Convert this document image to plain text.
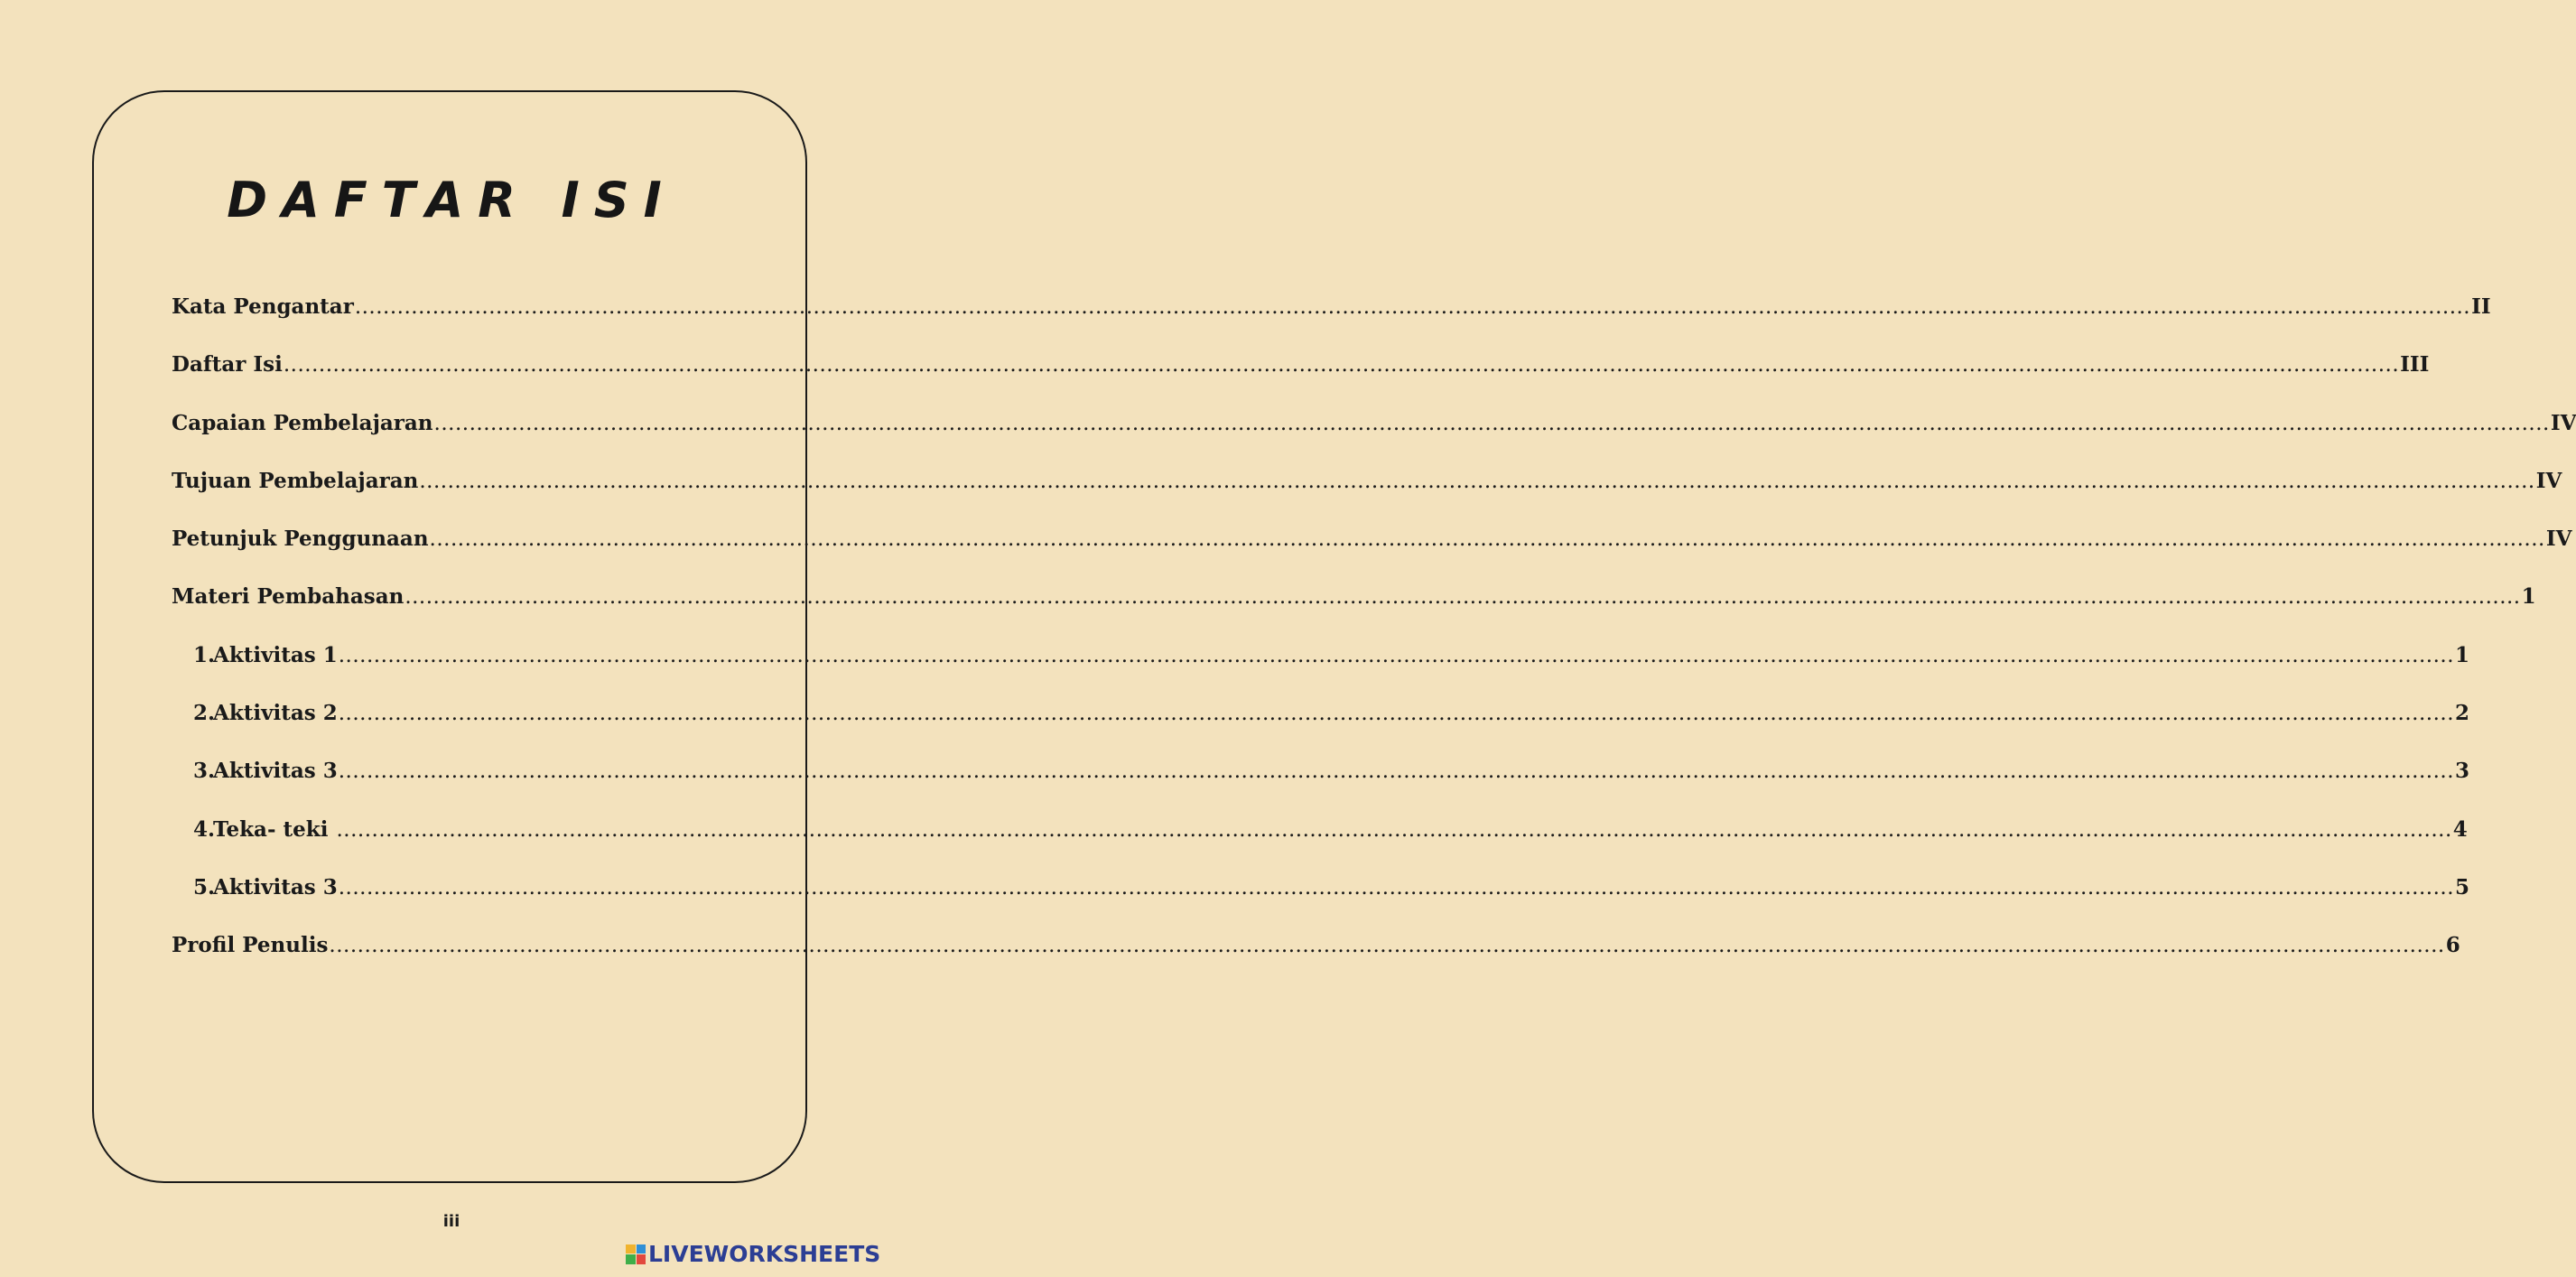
DAFTAR ISI
Kata Pengantar ............................................................................................................................................................................................................................................................................................................ II
Daftar Isi ............................................................................................................................................................................................................................................................................................................ III
Capaian Pembelajaran ............................................................................................................................................................................................................................................................................................................ IV
Tujuan Pembelajaran ............................................................................................................................................................................................................................................................................................................ IV
Petunjuk Penggunaan ............................................................................................................................................................................................................................................................................................................ IV
Materi Pembahasan ............................................................................................................................................................................................................................................................................................................ 1
1.
Aktivitas 1 ............................................................................................................................................................................................................................................................................................................ 1
2.
Aktivitas 2 ............................................................................................................................................................................................................................................................................................................ 2
3.
Aktivitas 3 ............................................................................................................................................................................................................................................................................................................ 3
4.
Teka- teki ............................................................................................................................................................................................................................................................................................................ 4
5.
Aktivitas 3 ............................................................................................................................................................................................................................................................................................................ 5
Profil Penulis ............................................................................................................................................................................................................................................................................................................ 6
iii
LIVEWORKSHEETS
